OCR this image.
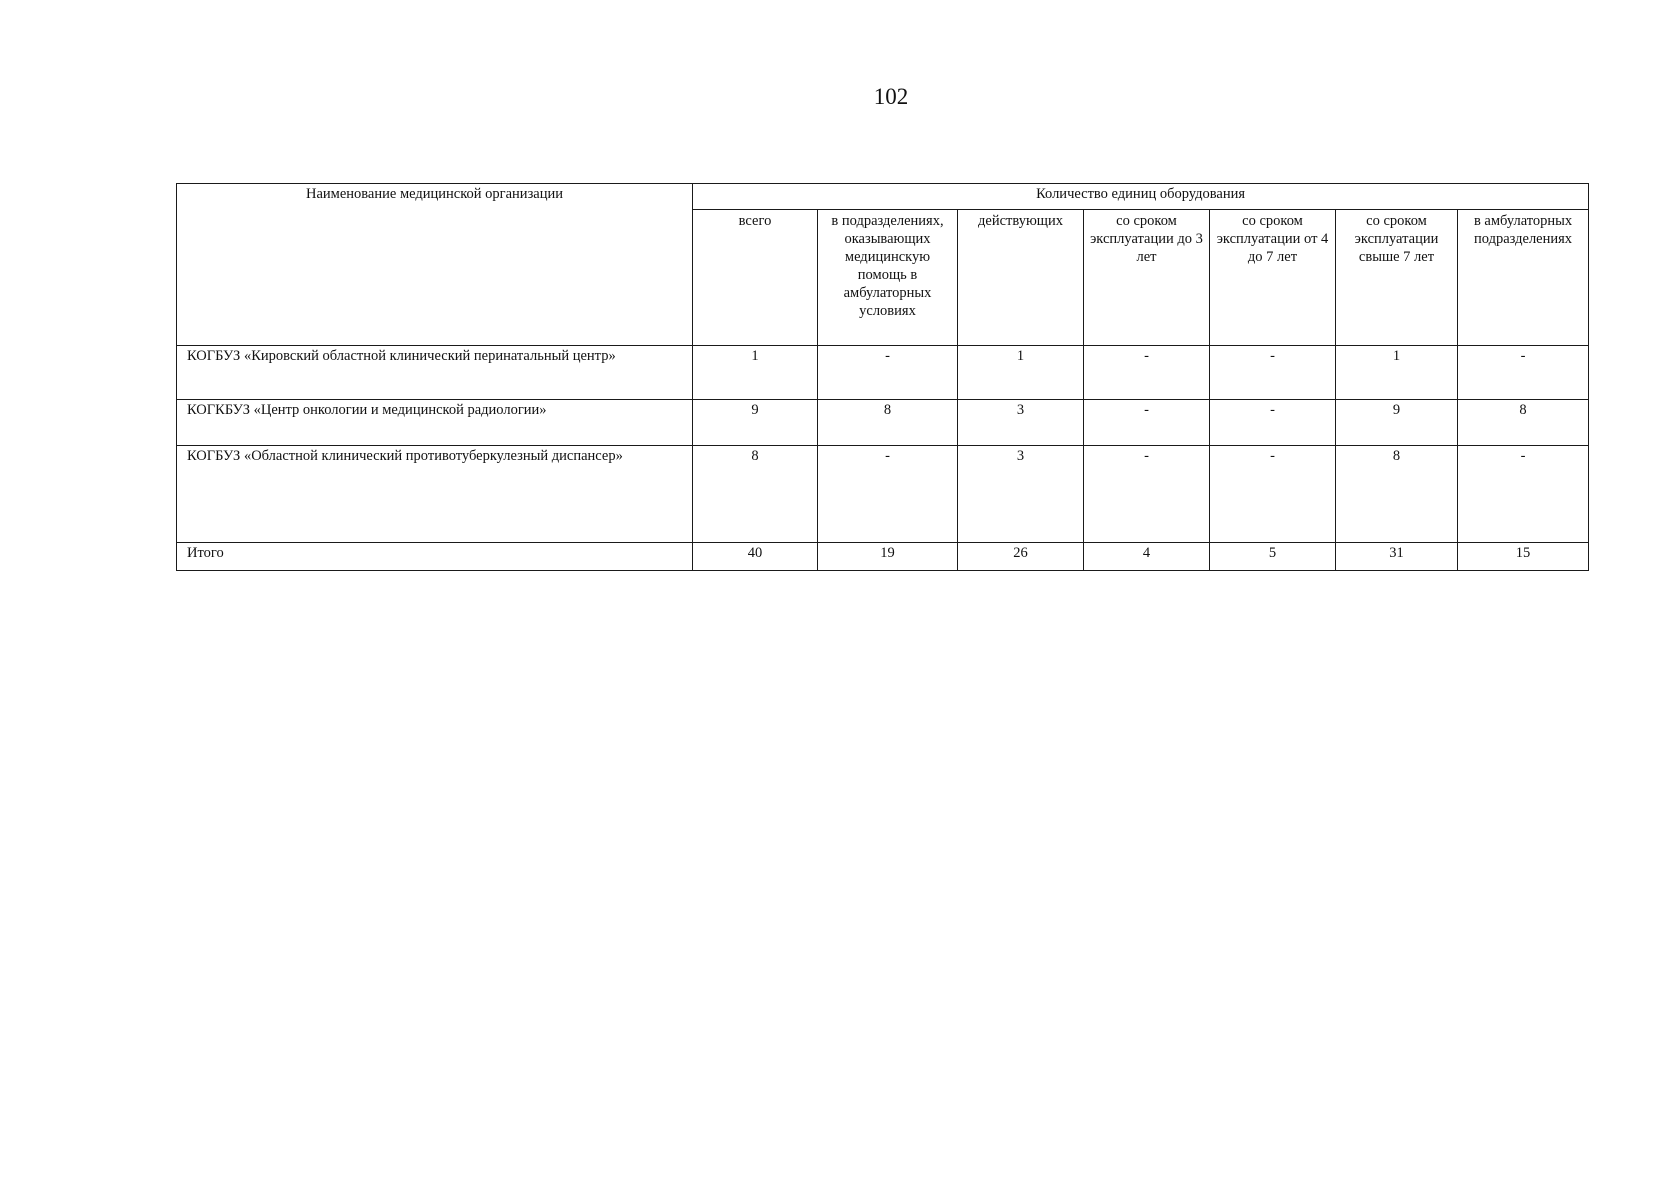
102
Наименование медицинской организации	Количество единиц оборудования						
	всего	в подразделениях, оказывающих медицинскую помощь в амбулаторных условиях	действующих	со сроком эксплуатации до 3 лет	со сроком эксплуатации от 4 до 7 лет	со сроком эксплуатации свыше 7 лет	в амбулаторных подразделениях
КОГБУЗ «Кировский областной клинический перинатальный центр»	1	-	1	-	-	1	-
КОГКБУЗ «Центр онкологии и медицинской радиологии»	9	8	3	-	-	9	8
КОГБУЗ «Областной клинический противотуберкулезный диспансер»	8	-	3	-	-	8	-
Итого	40	19	26	4	5	31	15
